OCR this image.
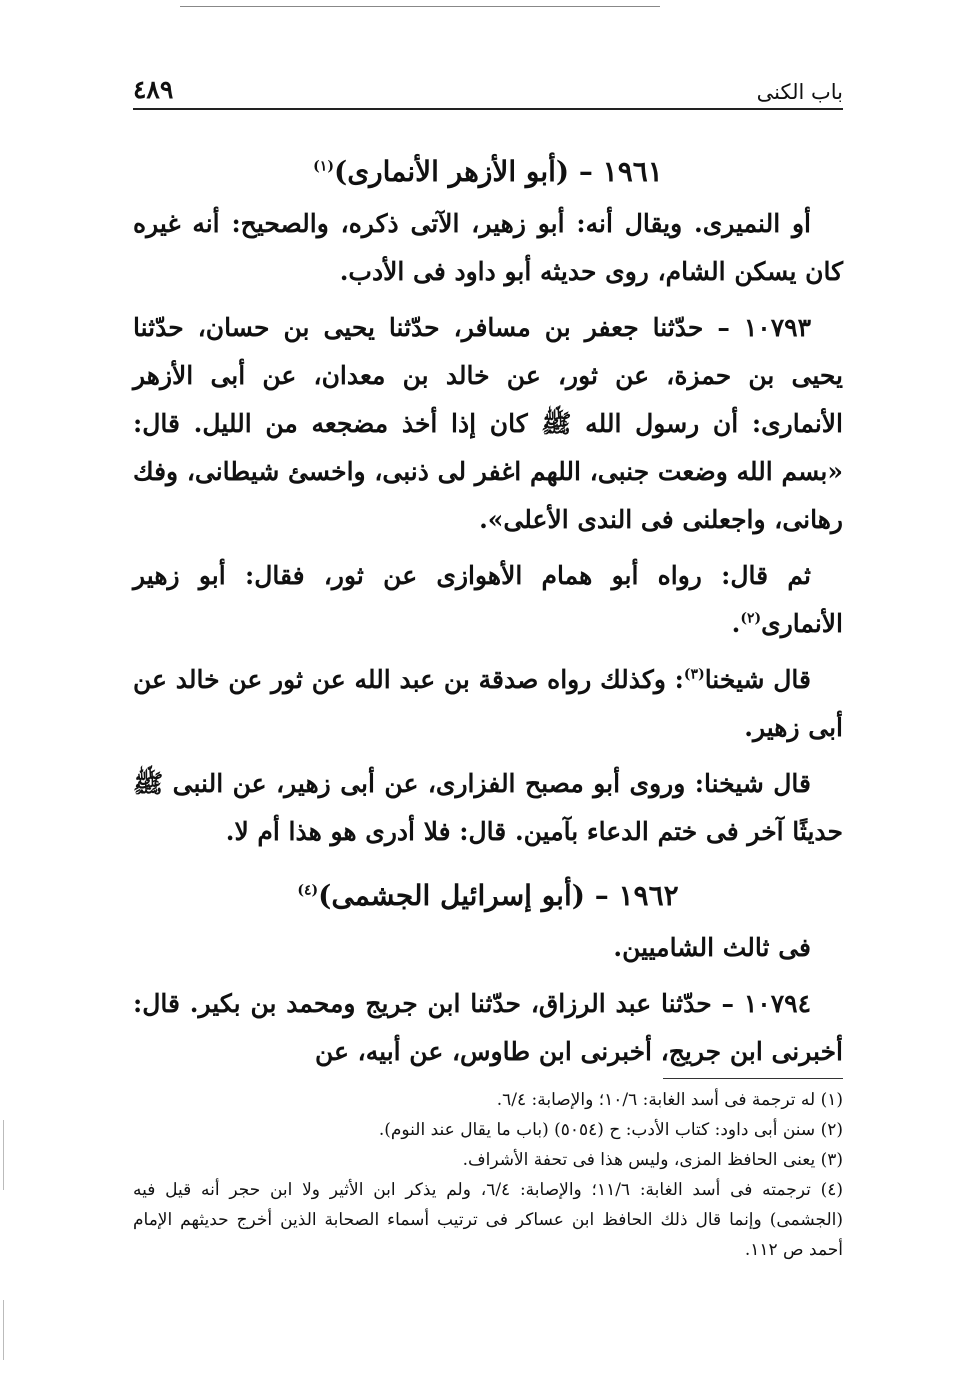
باب الكنى
٤٨٩
١٩٦١ – (أبو الأزهر الأنمارى)$^{(١)}$

أو النميرى. ويقال أنه: أبو زهير، الآتى ذكره، والصحيح: أنه غيره كان يسكن الشام، روى حديثه أبو داود فى الأدب.

١٠٧٩٣ – حدّثنا جعفر بن مسافر، حدّثنا يحيى بن حسان، حدّثنا يحيى بن حمزة، عن ثور، عن خالد بن معدان، عن أبى الأزهر الأنمارى: أن رسول الله ﷺ كان إذا أخذ مضجعه من الليل. قال: «بسم الله وضعت جنبى، اللهم اغفر لى ذنبى، واخسئ شيطانى، وفك رهانى، واجعلنى فى الندى الأعلى».

ثم قال: رواه أبو همام الأهوازى عن ثور، فقال: أبو زهير الأنمارى$^{(٢)}$.

قال شيخنا$^{(٣)}$: وكذلك رواه صدقة بن عبد الله عن ثور عن خالد عن أبى زهير.

قال شيخنا: وروى أبو مصبح الفزارى، عن أبى زهير، عن النبى ﷺ حديثًا آخر فى ختم الدعاء بآمين. قال: فلا أدرى هو هذا أم لا.

١٩٦٢ – (أبو إسرائيل الجشمى)$^{(٤)}$

فى ثالث الشاميين.

١٠٧٩٤ – حدّثنا عبد الرزاق، حدّثنا ابن جريج ومحمد بن بكير. قال: أخبرنى ابن جريج، أخبرنى ابن طاوس، عن أبيه، عن

(١) له ترجمة فى أسد الغابة: ١٠/٦؛ والإصابة: ٦/٤.

(٢) سنن أبى داود: كتاب الأدب: ح (٥٠٥٤) (باب ما يقال عند النوم).

(٣) يعنى الحافظ المزى، وليس هذا فى تحفة الأشراف.

(٤) ترجمته فى أسد الغابة: ١١/٦؛ والإصابة: ٦/٤، ولم يذكر ابن الأثير ولا ابن حجر أنه قيل فيه (الجشمى) وإنما قال ذلك الحافظ ابن عساكر فى ترتيب أسماء الصحابة الذين أخرج حديثهم الإمام أحمد ص ١١٢.
